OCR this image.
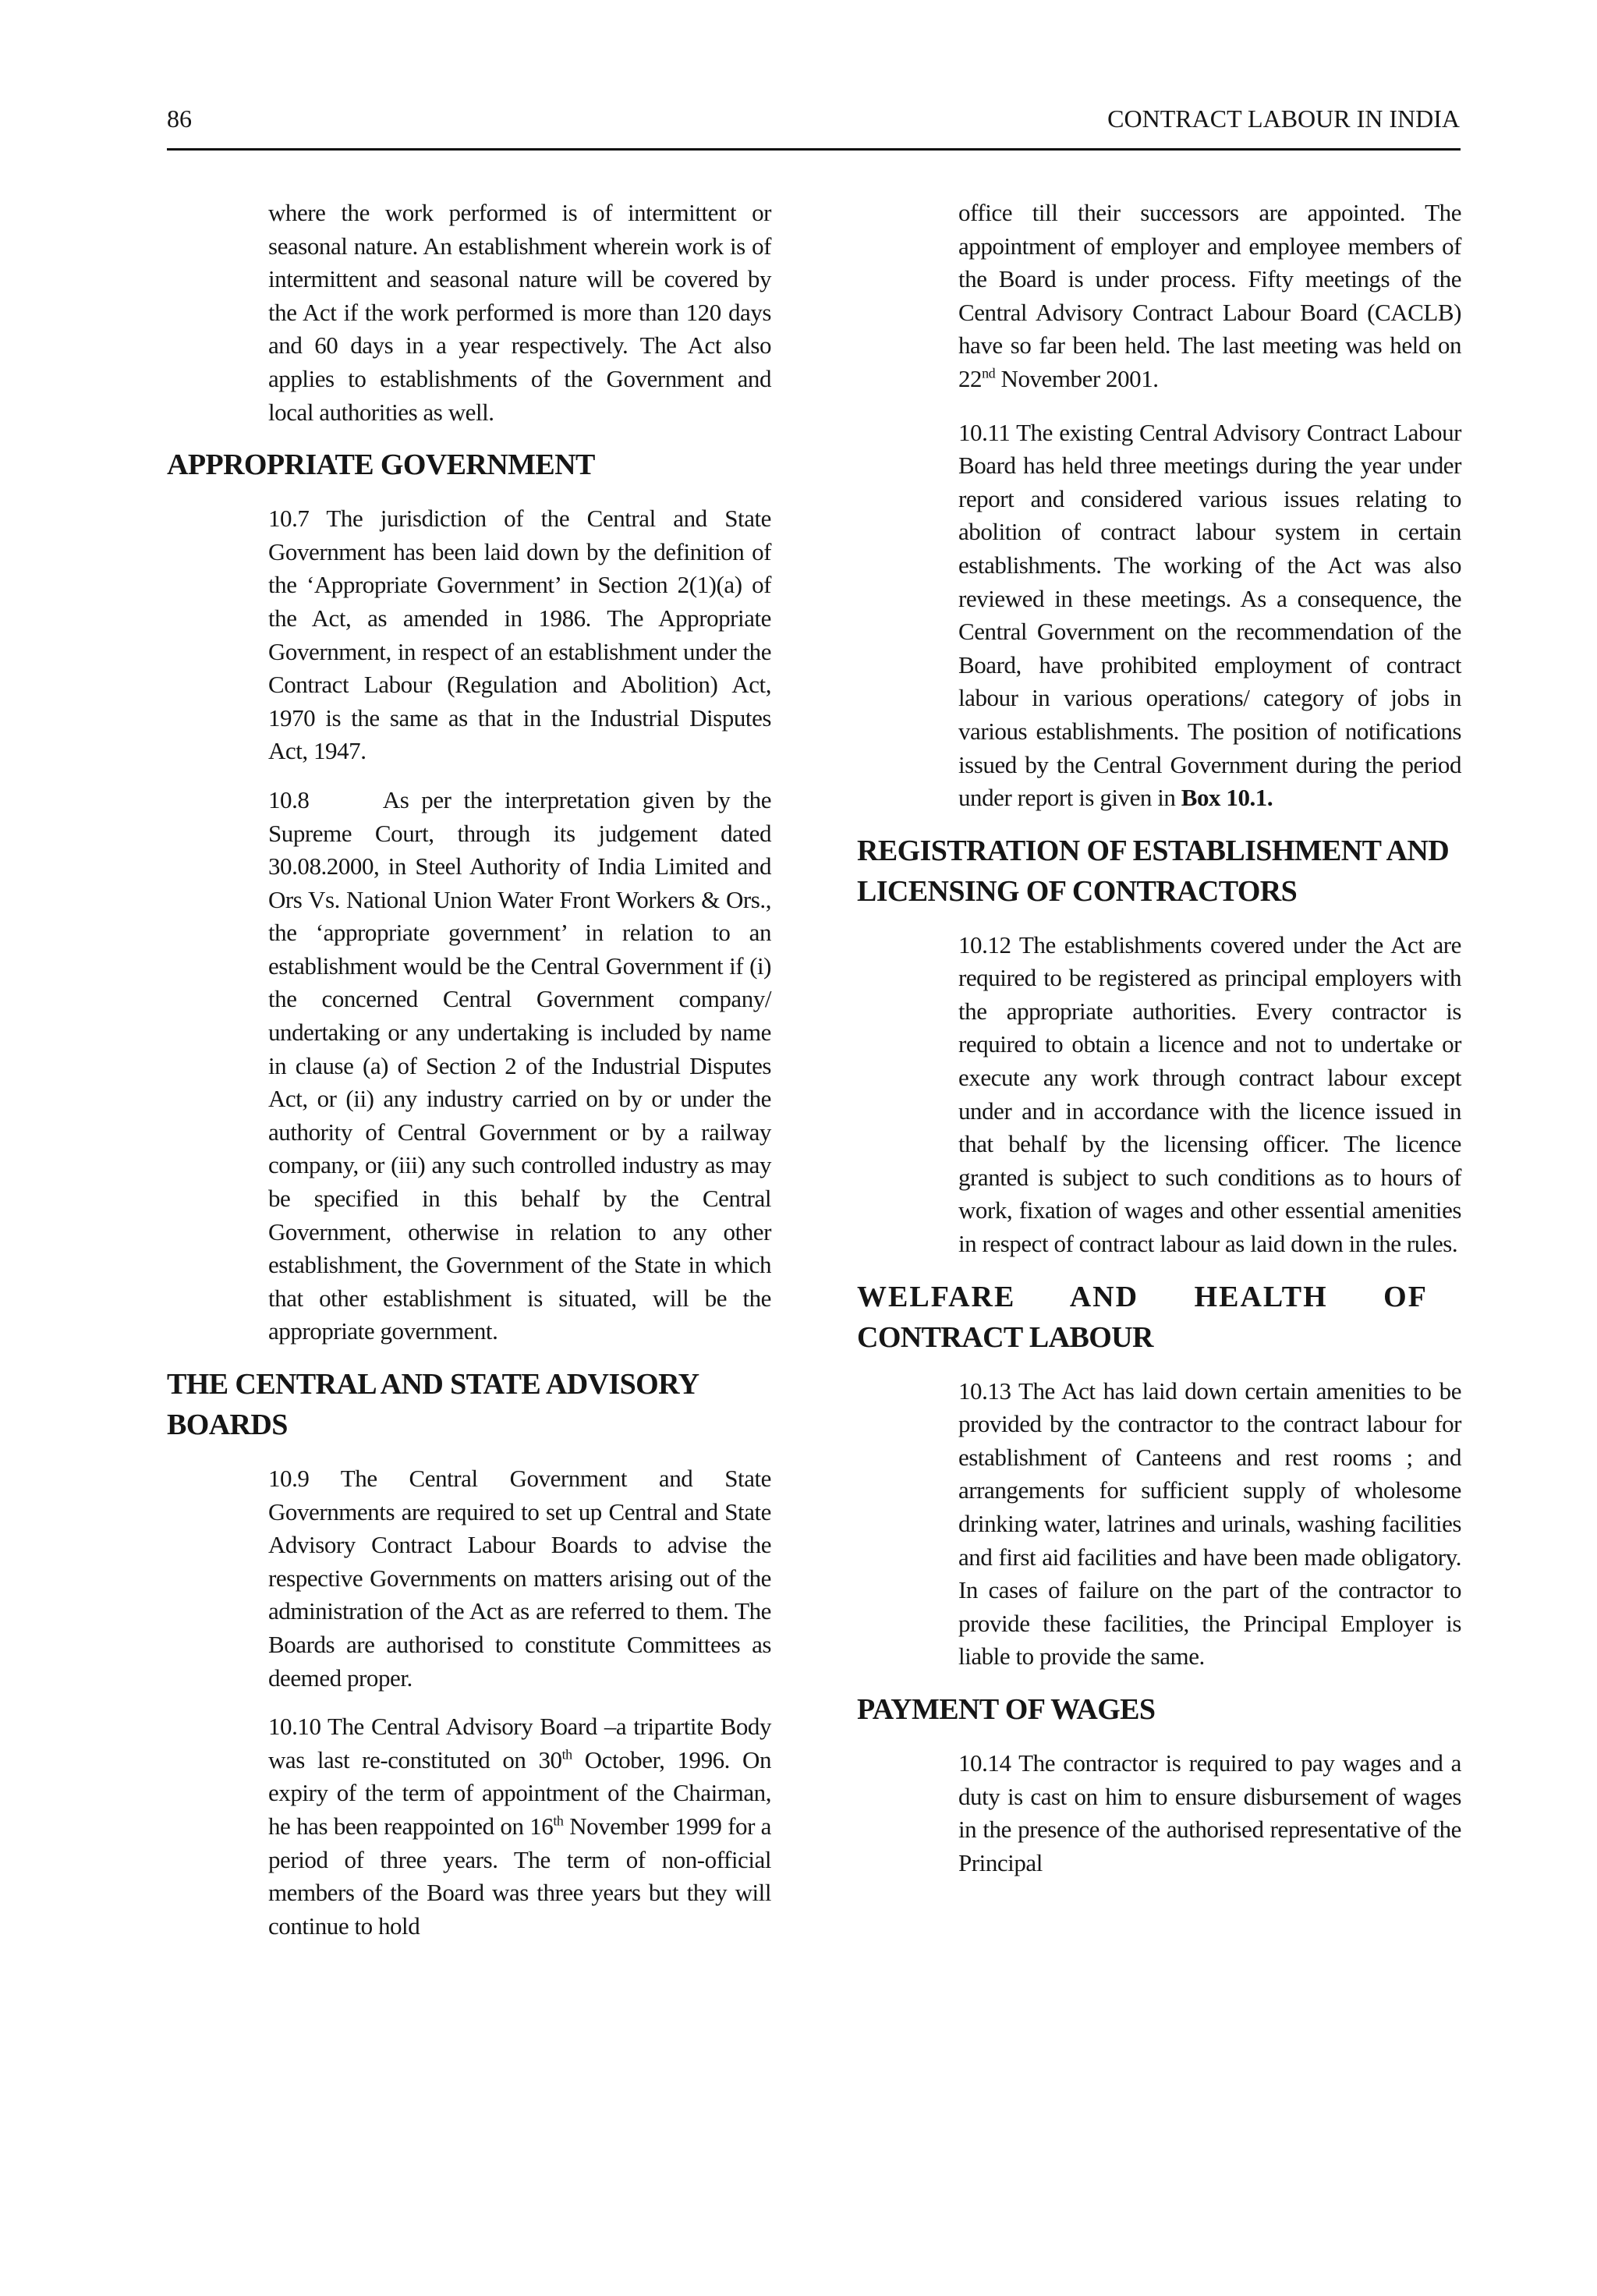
86	CONTRACT LABOUR IN INDIA

where the work performed is of intermittent or seasonal nature. An establishment wherein work is of intermittent and seasonal nature will be covered by the Act if the work performed is more than 120 days and 60 days in a year respectively. The Act also applies to establishments of the Government and local authorities as well.

APPROPRIATE GOVERNMENT

10.7 The jurisdiction of the Central and State Government has been laid down by the definition of the ‘Appropriate Government’ in Section 2(1)(a) of the Act, as amended in 1986. The Appropriate Government, in respect of an establishment under the Contract Labour (Regulation and Abolition) Act, 1970 is the same as that in the Industrial Disputes Act, 1947.

10.8      As per the interpretation given by the Supreme Court, through its judgement dated 30.08.2000, in Steel Authority of India Limited and Ors Vs. National Union Water Front Workers & Ors., the ‘appropriate government’ in relation to an establishment would be the Central Government if (i) the concerned Central Government company/ undertaking or any undertaking is included by name in clause (a) of Section 2 of the Industrial Disputes Act, or (ii) any industry carried on by or under the authority of Central Government or by a railway company, or (iii) any such controlled industry as may be specified in this behalf by the Central Government, otherwise in relation to any other establishment, the Government of the State in which that other establishment is situated, will be the appropriate government.

THE CENTRAL AND STATE ADVISORY BOARDS

10.9 The Central Government and State Governments are required to set up Central and State Advisory Contract Labour Boards to advise the respective Governments on matters arising out of the administration of the Act as are referred to them. The Boards are authorised to constitute Committees as deemed proper.

10.10 The Central Advisory Board –a tripartite Body was last re-constituted on 30th October, 1996. On expiry of the term of appointment of the Chairman, he has been reappointed on 16th November 1999 for a period of three years. The term of non-official members of the Board was three years but they will continue to hold

office till their successors are appointed. The appointment of employer and employee members of the Board is under process. Fifty meetings of the Central Advisory Contract Labour Board (CACLB) have so far been held. The last meeting was held on 22nd November 2001.

10.11 The existing Central Advisory Contract Labour Board has held three meetings during the year under report and considered various issues relating to abolition of contract labour system in certain establishments. The working of the Act was also reviewed in these meetings. As a consequence, the Central Government on the recommendation of the Board, have prohibited employment of contract labour in various operations/ category of jobs in various establishments. The position of notifications issued by the Central Government during the period under report is given in Box 10.1.

REGISTRATION OF ESTABLISHMENT AND LICENSING OF CONTRACTORS

10.12 The establishments covered under the Act are required to be registered as principal employers with the appropriate authorities. Every contractor is required to obtain a licence and not to undertake or execute any work through contract labour except under and in accordance with the licence issued in that behalf by the licensing officer. The licence granted is subject to such conditions as to hours of work, fixation of wages and other essential amenities in respect of contract labour as laid down in the rules.

WELFARE AND HEALTH OF
CONTRACT LABOUR

10.13 The Act has laid down certain amenities to be provided by the contractor to the contract labour for establishment of Canteens and rest rooms ; and arrangements for sufficient supply of wholesome drinking water, latrines and urinals, washing facilities and first aid facilities and have been made obligatory. In cases of failure on the part of the contractor to provide these facilities, the Principal Employer is liable to provide the same.

PAYMENT OF WAGES

10.14 The contractor is required to pay wages and a duty is cast on him to ensure disbursement of wages in the presence of the authorised representative of the Principal
